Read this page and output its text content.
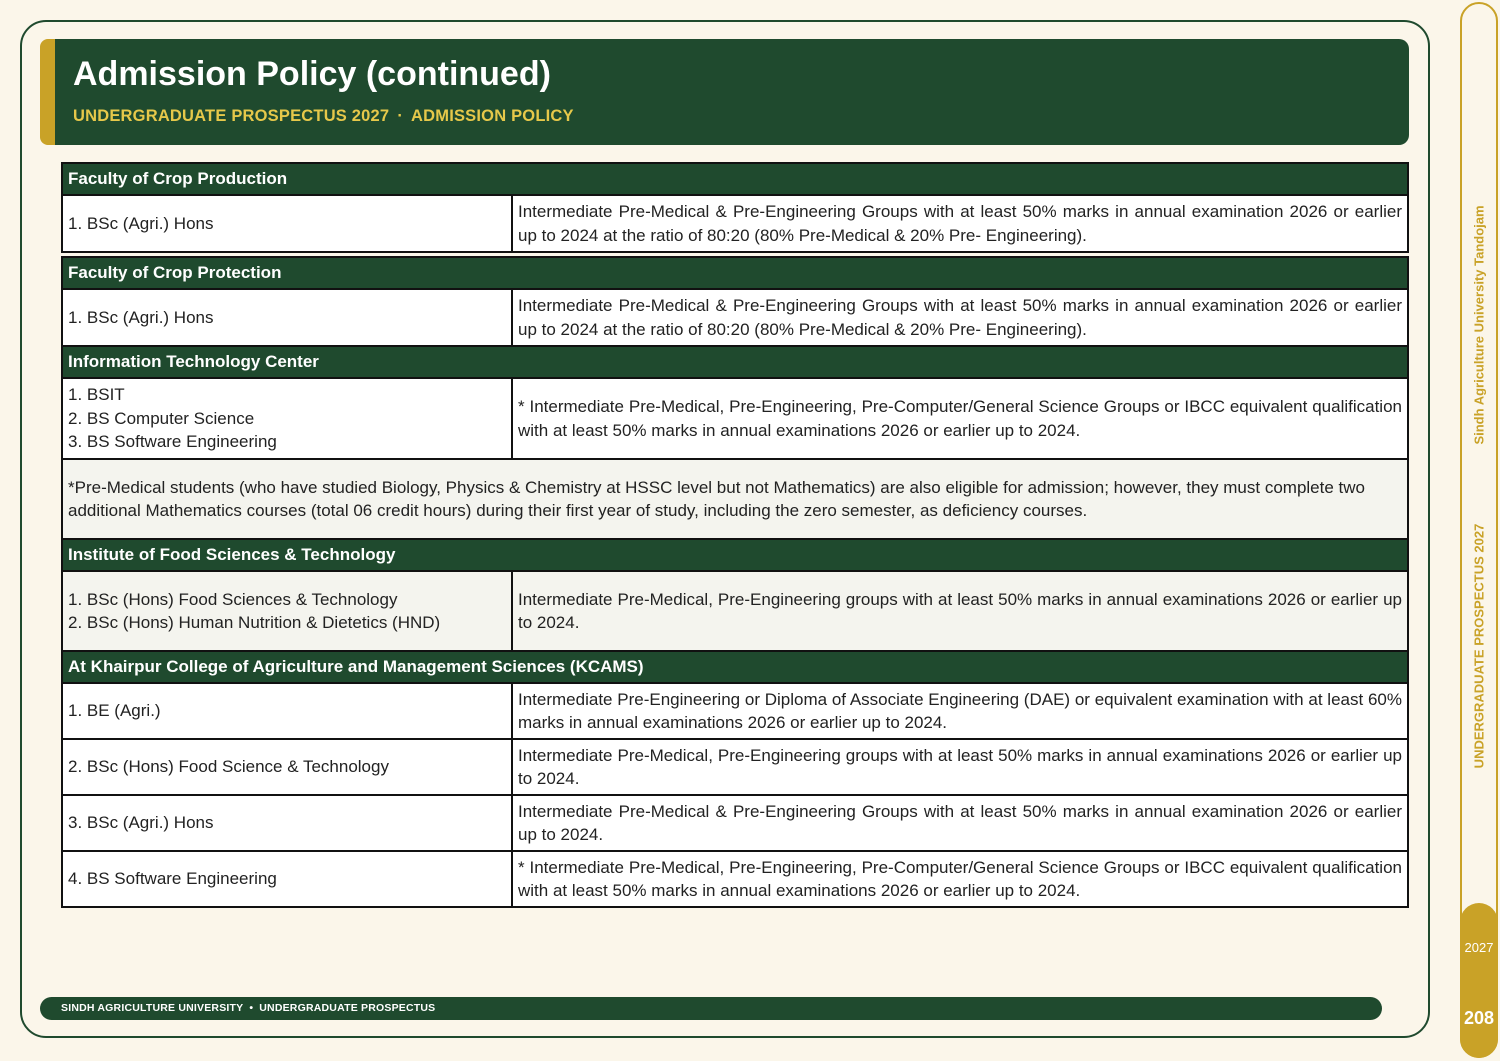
Admission Policy (continued)
UNDERGRADUATE PROSPECTUS 2027 · ADMISSION POLICY
Faculty of Crop Production
1. BSc (Agri.) Hons
Intermediate Pre-Medical & Pre-Engineering Groups with at least 50% marks in annual examination 2026 or earlier up to 2024 at the ratio of 80:20 (80% Pre-Medical & 20% Pre- Engineering).
Faculty of Crop Protection
1. BSc (Agri.) Hons
Intermediate Pre-Medical & Pre-Engineering Groups with at least 50% marks in annual examination 2026 or earlier up to 2024 at the ratio of 80:20 (80% Pre-Medical & 20% Pre- Engineering).
Information Technology Center
1. BSIT
2. BS Computer Science
3. BS Software Engineering
* Intermediate Pre-Medical, Pre-Engineering, Pre-Computer/General Science Groups or IBCC equivalent qualification with at least 50% marks in annual examinations 2026 or earlier up to 2024.
*Pre-Medical students (who have studied Biology, Physics & Chemistry at HSSC level but not Mathematics) are also eligible for admission; however, they must complete two additional Mathematics courses (total 06 credit hours) during their first year of study, including the zero semester, as deficiency courses.
Institute of Food Sciences & Technology
1. BSc (Hons) Food Sciences & Technology
2. BSc (Hons) Human Nutrition & Dietetics (HND)
Intermediate Pre-Medical, Pre-Engineering groups with at least 50% marks in annual examinations 2026 or earlier up to 2024.
At Khairpur College of Agriculture and Management Sciences (KCAMS)
1. BE (Agri.)
Intermediate Pre-Engineering or Diploma of Associate Engineering (DAE) or equivalent examination with at least 60% marks in annual examinations 2026 or earlier up to 2024.
2. BSc (Hons) Food Science & Technology
Intermediate Pre-Medical, Pre-Engineering groups with at least 50% marks in annual examinations 2026 or earlier up to 2024.
3. BSc (Agri.) Hons
Intermediate Pre-Medical & Pre-Engineering Groups with at least 50% marks in annual examination 2026 or earlier up to 2024.
4. BS Software Engineering
* Intermediate Pre-Medical, Pre-Engineering, Pre-Computer/General Science Groups or IBCC equivalent qualification with at least 50% marks in annual examinations 2026 or earlier up to 2024.
SINDH AGRICULTURE UNIVERSITY • UNDERGRADUATE PROSPECTUS
UNDERGRADUATE PROSPECTUS 2027
Sindh Agriculture University Tandojam
2027
208
